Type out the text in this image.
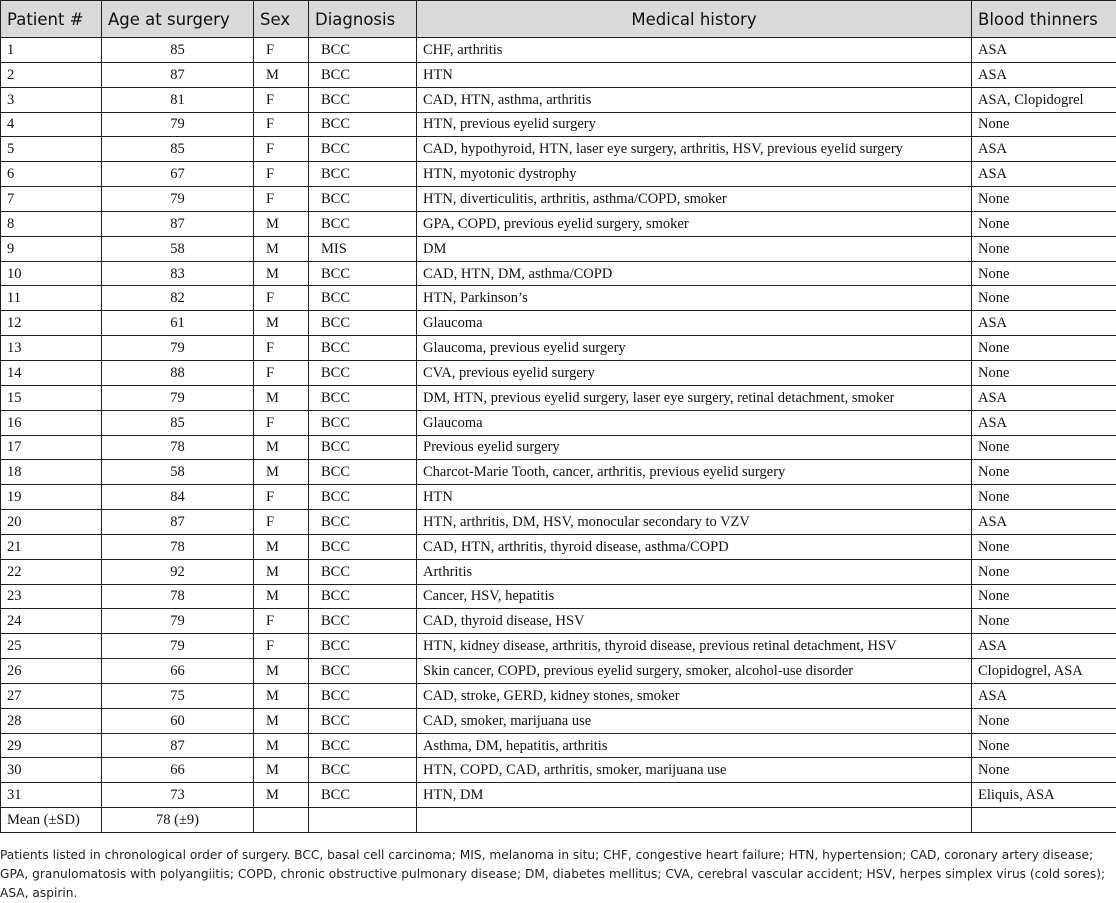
Patient #	Age at surgery	Sex	Diagnosis	Medical history	Blood thinners
1	85	F	BCC	CHF, arthritis	ASA
2	87	M	BCC	HTN	ASA
3	81	F	BCC	CAD, HTN, asthma, arthritis	ASA, Clopidogrel
4	79	F	BCC	HTN, previous eyelid surgery	None
5	85	F	BCC	CAD, hypothyroid, HTN, laser eye surgery, arthritis, HSV, previous eyelid surgery	ASA
6	67	F	BCC	HTN, myotonic dystrophy	ASA
7	79	F	BCC	HTN, diverticulitis, arthritis, asthma/COPD, smoker	None
8	87	M	BCC	GPA, COPD, previous eyelid surgery, smoker	None
9	58	M	MIS	DM	None
10	83	M	BCC	CAD, HTN, DM, asthma/COPD	None
11	82	F	BCC	HTN, Parkinson’s	None
12	61	M	BCC	Glaucoma	ASA
13	79	F	BCC	Glaucoma, previous eyelid surgery	None
14	88	F	BCC	CVA, previous eyelid surgery	None
15	79	M	BCC	DM, HTN, previous eyelid surgery, laser eye surgery, retinal detachment, smoker	ASA
16	85	F	BCC	Glaucoma	ASA
17	78	M	BCC	Previous eyelid surgery	None
18	58	M	BCC	Charcot-Marie Tooth, cancer, arthritis, previous eyelid surgery	None
19	84	F	BCC	HTN	None
20	87	F	BCC	HTN, arthritis, DM, HSV, monocular secondary to VZV	ASA
21	78	M	BCC	CAD, HTN, arthritis, thyroid disease, asthma/COPD	None
22	92	M	BCC	Arthritis	None
23	78	M	BCC	Cancer, HSV, hepatitis	None
24	79	F	BCC	CAD, thyroid disease, HSV	None
25	79	F	BCC	HTN, kidney disease, arthritis, thyroid disease, previous retinal detachment, HSV	ASA
26	66	M	BCC	Skin cancer, COPD, previous eyelid surgery, smoker, alcohol-use disorder	Clopidogrel, ASA
27	75	M	BCC	CAD, stroke, GERD, kidney stones, smoker	ASA
28	60	M	BCC	CAD, smoker, marijuana use	None
29	87	M	BCC	Asthma, DM, hepatitis, arthritis	None
30	66	M	BCC	HTN, COPD, CAD, arthritis, smoker, marijuana use	None
31	73	M	BCC	HTN, DM	Eliquis, ASA
Mean (±SD)	78 (±9)				
Patients listed in chronological order of surgery. BCC, basal cell carcinoma; MIS, melanoma in situ; CHF, congestive heart failure; HTN, hypertension; CAD, coronary artery disease; GPA, granulomatosis with polyangiitis; COPD, chronic obstructive pulmonary disease; DM, diabetes mellitus; CVA, cerebral vascular accident; HSV, herpes simplex virus (cold sores); ASA, aspirin.
